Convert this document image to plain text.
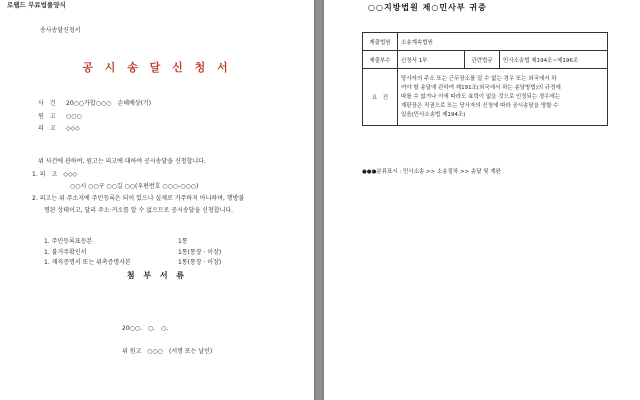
로웹드 무료법률양식
송사송달신청서
공 시 송 달 신 청 서
사　건 20○○가합○○○　손해배상(기)
원　고 ○○○
피　고 ◇◇◇
위 사건에 관하여, 원고는 피고에 대하여 공시송달을 신청합니다.
1. 피　고　◇◇◇
○○시 ○○구 ○○길 ○○(우편번호 ○○○-○○○)
2. 피고는 위 주소지에 주민등록은 되어 있으나 실제로 거주하지 아니하며, 행방불
명된 상태이고, 달리 주소·거소를 알 수 없으므로 공시송달을 신청합니다.
1. 주민등록표등본	1통
1. 불거주확인서	1통(통장 · 이장)
1. 재직증명서 또는 위촉증명사본	1통(통장 · 이장)
첨 부 서 류
20○○.　○.　○.
위 원고　○○○　(서명 또는 날인)
○○지방법원 제○민사부 귀중
제출법원	소송계속법원		
제출부수	신청서 1부	관련법규	민사소송법 제194조~제196조
요　건	당사자의 주소 또는 근무장소를 알 수 없는 경우 또는 외국에서 하
여야 할 송달에 관하여 제191조(외국에서 하는 송달방법)의 규정에
따를 수 없거나 이에 따라도 효력이 없을 것으로 인정되는 경우에는
재판장은 직권으로 또는 당사자의 신청에 따라 공시송달을 명할 수
있음(민사소송법 제194조)		
●●●분류표시 : 민사소송 >> 소송절차 >> 송달 및 계완
